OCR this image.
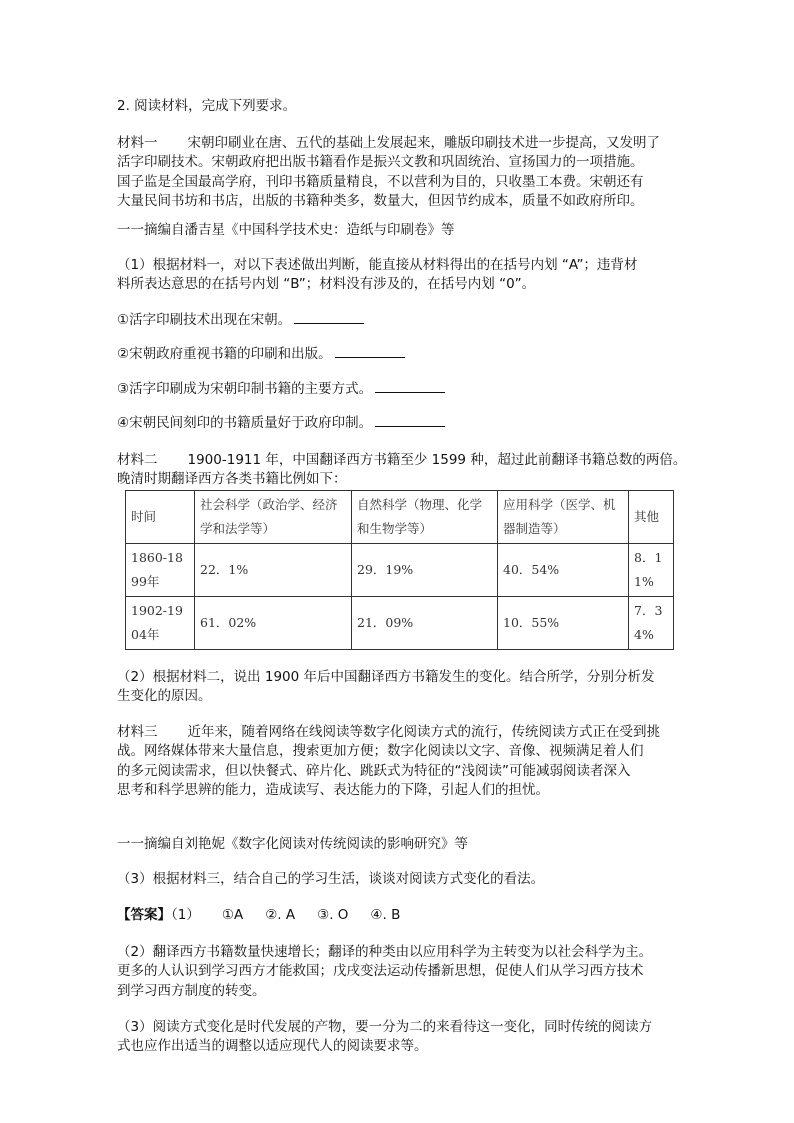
2. 阅读材料，完成下列要求。
材料一 宋朝印刷业在唐、五代的基础上发展起来，雕版印刷技术进一步提高，又发明了
活字印刷技术。宋朝政府把出版书籍看作是振兴文教和巩固统治、宣扬国力的一项措施。
国子监是全国最高学府，刊印书籍质量精良，不以营利为目的，只收墨工本费。宋朝还有
大量民间书坊和书店，出版的书籍种类多，数量大，但因节约成本，质量不如政府所印。
一一摘编自潘吉星《中国科学技术史：造纸与印刷卷》等
（1）根据材料一，对以下表述做出判断，能直接从材料得出的在括号内划 “A”；违背材
料所表达意思的在括号内划 “B”；材料没有涉及的，在括号内划 “0”。
①活字印刷技术出现在宋朝。
②宋朝政府重视书籍的印刷和出版。
③活字印刷成为宋朝印制书籍的主要方式。
④宋朝民间刻印的书籍质量好于政府印制。
材料二 1900-1911 年，中国翻译西方书籍至少 1599 种，超过此前翻译书籍总数的两倍。
晚清时期翻译西方各类书籍比例如下：
时间	社会科学（政治学、经济学和法学等）	自然科学（物理、化学和生物学等）	应用科学（医学、机器制造等）	其他
1860-1899年	22．1%	29．19%	40．54%	8．11%
1902-1904年	61．02%	21．09%	10．55%	7．34%
（2）根据材料二，说出 1900 年后中国翻译西方书籍发生的变化。结合所学，分别分析发
生变化的原因。
材料三 近年来，随着网络在线阅读等数字化阅读方式的流行，传统阅读方式正在受到挑
战。网络媒体带来大量信息，搜索更加方便；数字化阅读以文字、音像、视频满足着人们
的多元阅读需求，但以快餐式、碎片化、跳跃式为特征的“浅阅读”可能减弱阅读者深入
思考和科学思辨的能力，造成读写、表达能力的下降，引起人们的担忧。
一一摘编自刘艳妮《数字化阅读对传统阅读的影响研究》等
（3）根据材料三，结合自己的学习生活，谈谈对阅读方式变化的看法。
【答案】（1） ①A ②. A ③. O ④. B
（2）翻译西方书籍数量快速增长；翻译的种类由以应用科学为主转变为以社会科学为主。
更多的人认识到学习西方才能救国；戊戌变法运动传播新思想，促使人们从学习西方技术
到学习西方制度的转变。
（3）阅读方式变化是时代发展的产物，要一分为二的来看待这一变化，同时传统的阅读方
式也应作出适当的调整以适应现代人的阅读要求等。
